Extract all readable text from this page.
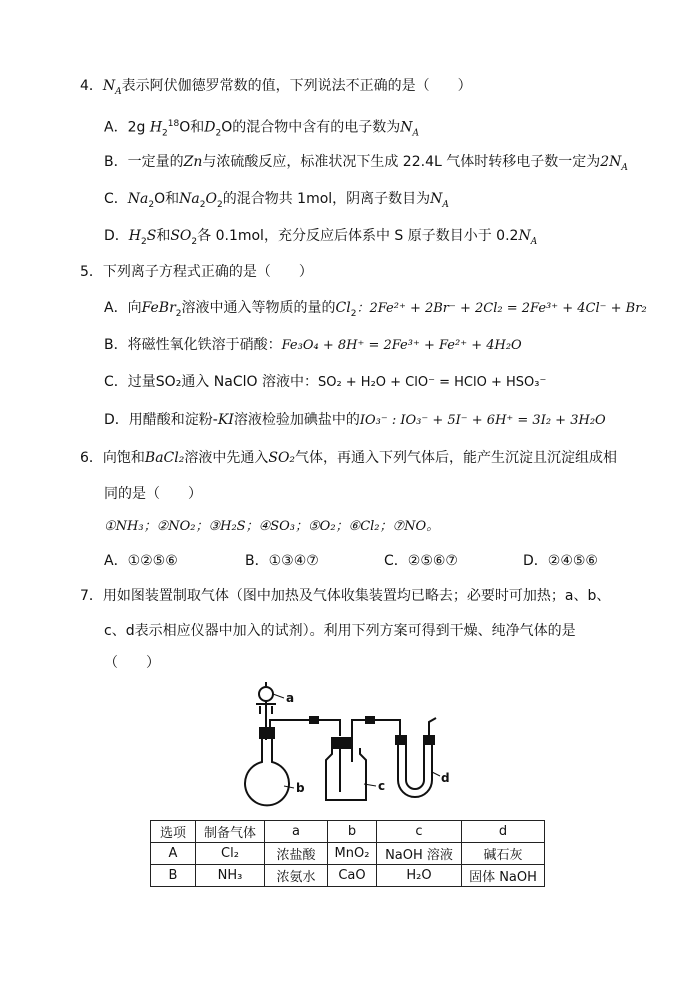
4．$N_A$表示阿伏伽德罗常数的值，下列说法不正确的是（　　）
A．2g $H_2^{18}O$和$D_2O$的混合物中含有的电子数为$N_A$
B．一定量的Zn与浓硫酸反应，标准状况下生成 22.4L 气体时转移电子数一定为$2N_A$
C．$Na_2O$和$Na_2O_2$的混合物共 1mol，阴离子数目为$N_A$
D．$H_2S$和$SO_2$各 0.1mol，充分反应后体系中 S 原子数目小于 $0.2N_A$
5．下列离子方程式正确的是（　　）
A．向FeBr$_2$溶液中通入等物质的量的$Cl_2$：2Fe²⁺ + 2Br⁻ + 2Cl₂ = 2Fe³⁺ + 4Cl⁻ + Br₂
B．将磁性氧化铁溶于硝酸：Fe₃O₄ + 8H⁺ = 2Fe³⁺ + Fe²⁺ + 4H₂O
C．过量SO₂通入 NaClO 溶液中：SO₂ + H₂O + ClO⁻ = HClO + HSO₃⁻
D．用醋酸和淀粉-KI溶液检验加碘盐中的IO₃⁻ : IO₃⁻ + 5I⁻ + 6H⁺ = 3I₂ + 3H₂O
6．向饱和BaCl₂溶液中先通入SO₂气体，再通入下列气体后，能产生沉淀且沉淀组成相
同的是（　　）
①NH₃；②NO₂；③H₂S；④SO₃；⑤O₂；⑥Cl₂；⑦NO。
A．①②⑤⑥	B．①③④⑦	C．②⑤⑥⑦	D．②④⑤⑥
7．用如图装置制取气体（图中加热及气体收集装置均已略去；必要时可加热；a、b、
c、d表示相应仪器中加入的试剂）。利用下列方案可得到干燥、纯净气体的是
（　　）
a
b	c
d
选项	制备气体	a	b	c	d
A	Cl₂	浓盐酸	MnO₂	NaOH 溶液	碱石灰
B	NH₃	浓氨水	CaO	H₂O	固体 NaOH
